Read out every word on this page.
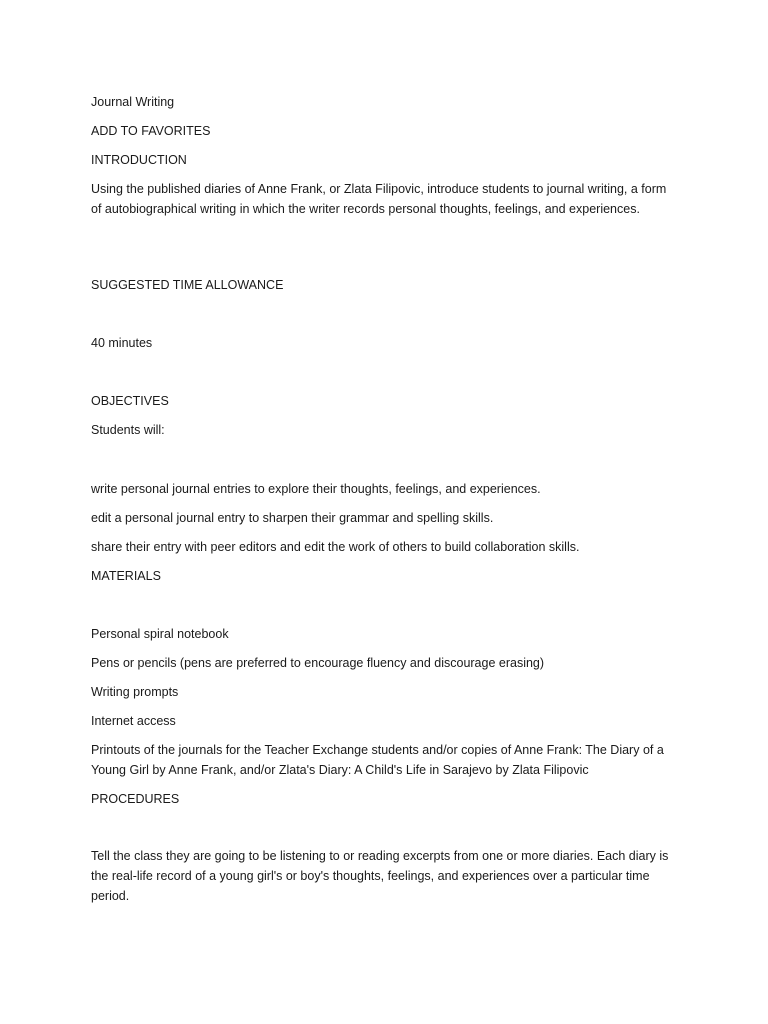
Journal Writing

ADD TO FAVORITES

INTRODUCTION

Using the published diaries of Anne Frank, or Zlata Filipovic, introduce students to journal writing, a form of autobiographical writing in which the writer records personal thoughts, feelings, and experiences.

SUGGESTED TIME ALLOWANCE

40 minutes

OBJECTIVES

Students will:

write personal journal entries to explore their thoughts, feelings, and experiences.

edit a personal journal entry to sharpen their grammar and spelling skills.

share their entry with peer editors and edit the work of others to build collaboration skills.

MATERIALS

Personal spiral notebook

Pens or pencils (pens are preferred to encourage fluency and discourage erasing)

Writing prompts

Internet access

Printouts of the journals for the Teacher Exchange students and/or copies of Anne Frank: The Diary of a Young Girl by Anne Frank, and/or Zlata's Diary: A Child's Life in Sarajevo by Zlata Filipovic

PROCEDURES

Tell the class they are going to be listening to or reading excerpts from one or more diaries. Each diary is the real-life record of a young girl's or boy's thoughts, feelings, and experiences over a particular time period.
